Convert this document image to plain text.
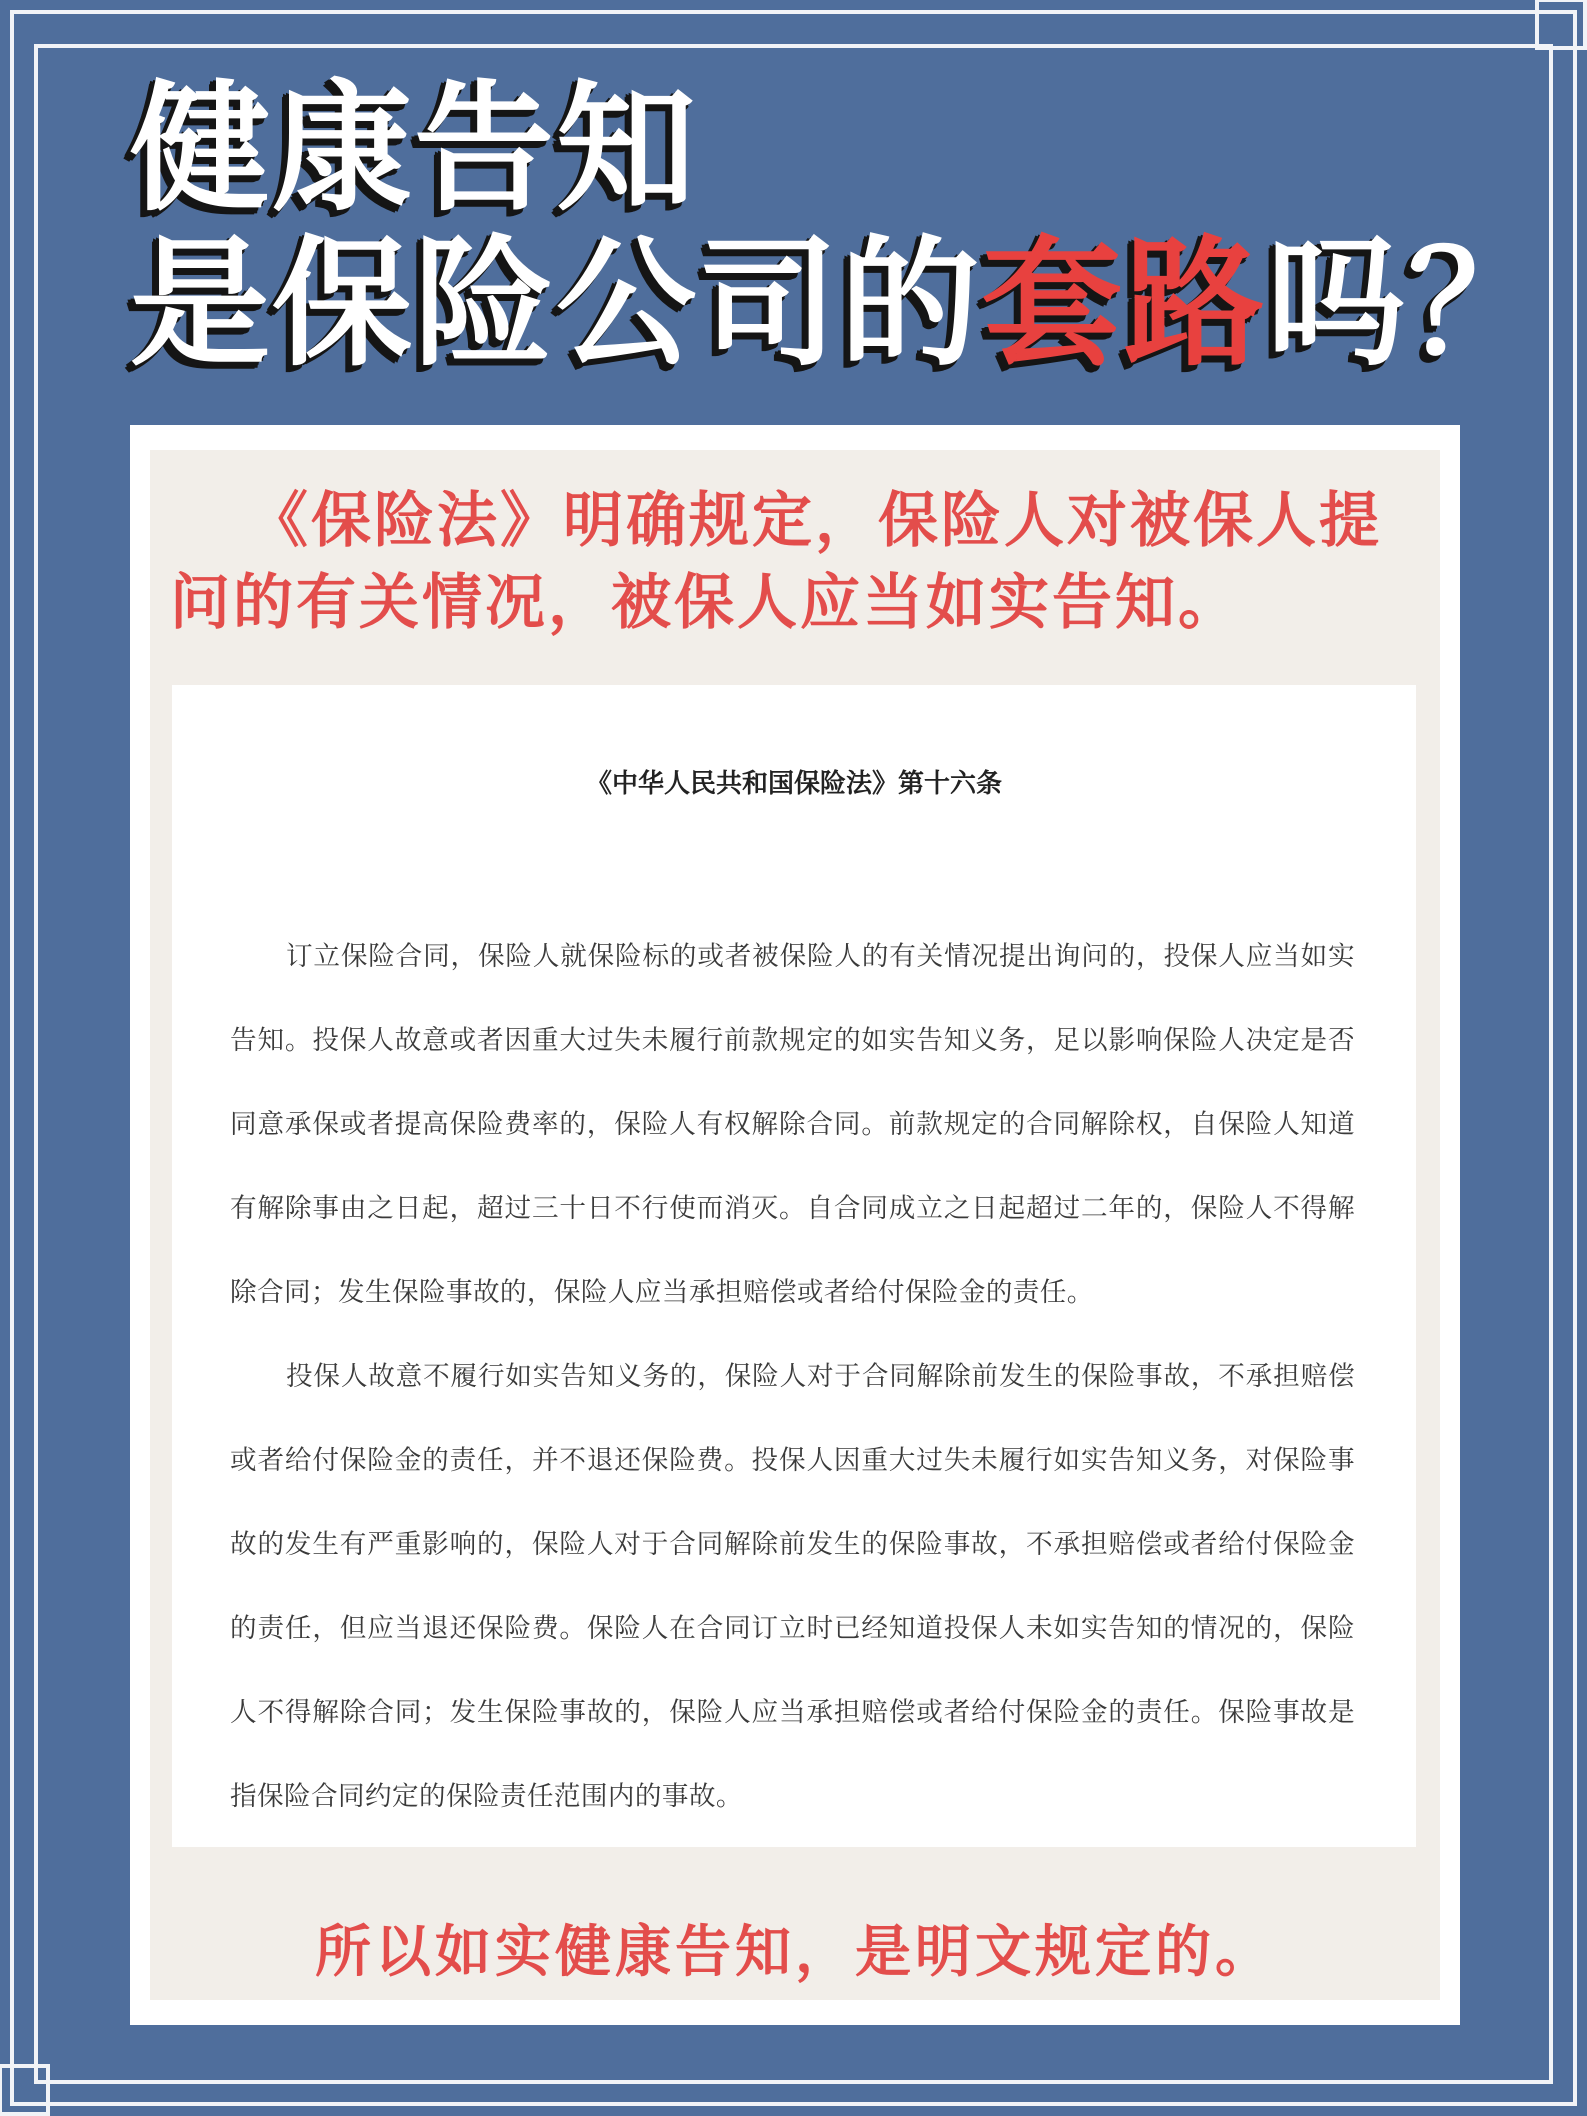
健康告知
是保险公司的套路吗？

《保险法》明确规定，保险人对被保人提问的有关情况，被保人应当如实告知。

《中华人民共和国保险法》第十六条

订立保险合同，保险人就保险标的或者被保险人的有关情况提出询问的，投保人应当如实告知。投保人故意或者因重大过失未履行前款规定的如实告知义务，足以影响保险人决定是否同意承保或者提高保险费率的，保险人有权解除合同。前款规定的合同解除权，自保险人知道有解除事由之日起，超过三十日不行使而消灭。自合同成立之日起超过二年的，保险人不得解除合同；发生保险事故的，保险人应当承担赔偿或者给付保险金的责任。

投保人故意不履行如实告知义务的，保险人对于合同解除前发生的保险事故，不承担赔偿或者给付保险金的责任，并不退还保险费。投保人因重大过失未履行如实告知义务，对保险事故的发生有严重影响的，保险人对于合同解除前发生的保险事故，不承担赔偿或者给付保险金的责任，但应当退还保险费。保险人在合同订立时已经知道投保人未如实告知的情况的，保险人不得解除合同；发生保险事故的，保险人应当承担赔偿或者给付保险金的责任。保险事故是指保险合同约定的保险责任范围内的事故。

所以如实健康告知，是明文规定的。
